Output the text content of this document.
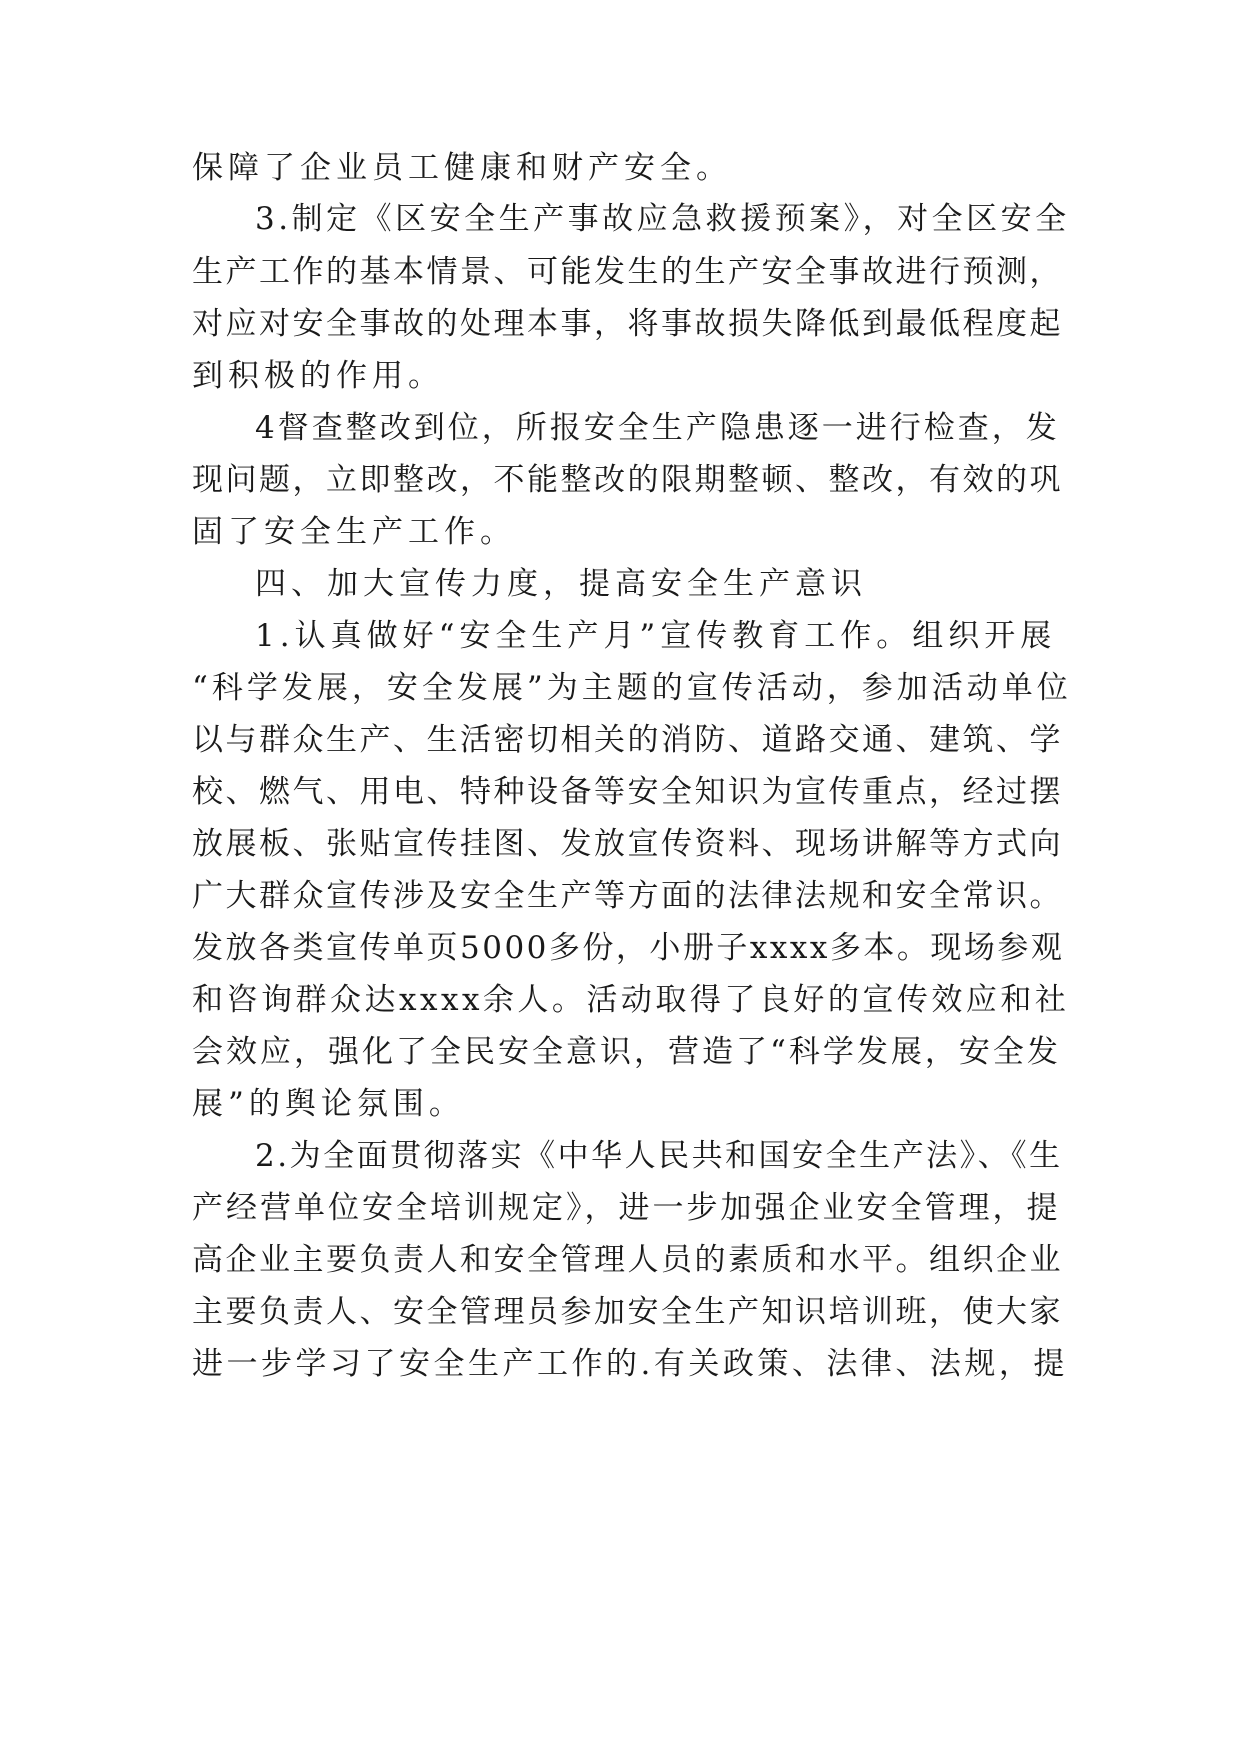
保障了企业员工健康和财产安全。
3.制定《区安全生产事故应急救援预案》，对全区安全
生产工作的基本情景、可能发生的生产安全事故进行预测，
对应对安全事故的处理本事，将事故损失降低到最低程度起
到积极的作用。
4督查整改到位，所报安全生产隐患逐一进行检查，发
现问题，立即整改，不能整改的限期整顿、整改，有效的巩
固了安全生产工作。
四、加大宣传力度，提高安全生产意识
1.认真做好“安全生产月”宣传教育工作。组织开展
“科学发展，安全发展”为主题的宣传活动，参加活动单位
以与群众生产、生活密切相关的消防、道路交通、建筑、学
校、燃气、用电、特种设备等安全知识为宣传重点，经过摆
放展板、张贴宣传挂图、发放宣传资料、现场讲解等方式向
广大群众宣传涉及安全生产等方面的法律法规和安全常识。
发放各类宣传单页5000多份，小册子xxxx多本。现场参观
和咨询群众达xxxx余人。活动取得了良好的宣传效应和社
会效应，强化了全民安全意识，营造了“科学发展，安全发
展”的舆论氛围。
2.为全面贯彻落实《中华人民共和国安全生产法》、《生
产经营单位安全培训规定》，进一步加强企业安全管理，提
高企业主要负责人和安全管理人员的素质和水平。组织企业
主要负责人、安全管理员参加安全生产知识培训班，使大家
进一步学习了安全生产工作的.有关政策、法律、法规，提
